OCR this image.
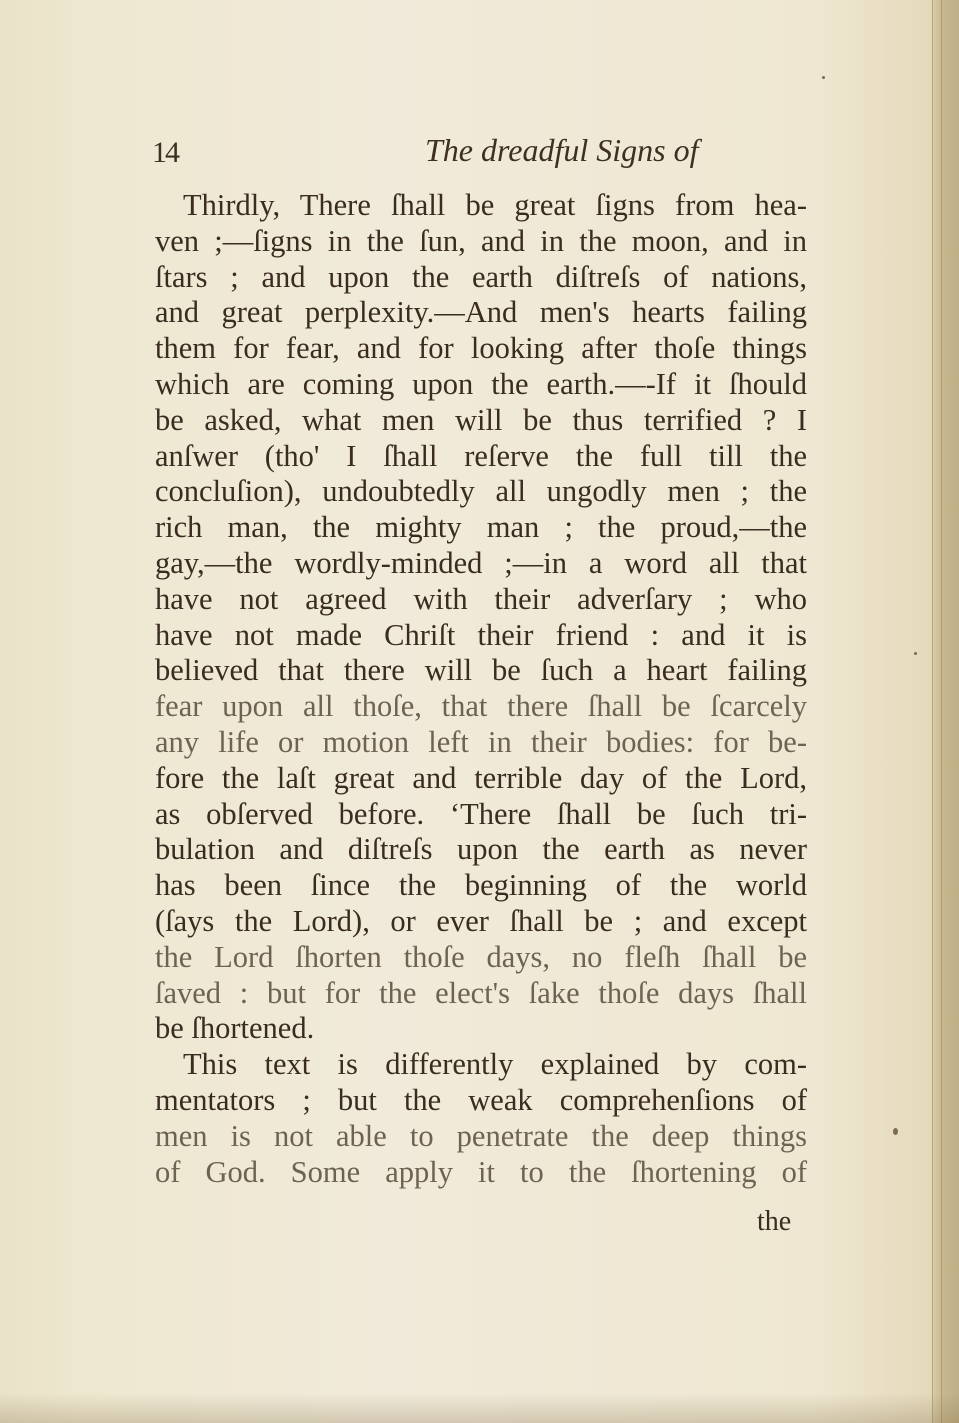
14	The dreadful Signs of
Thirdly, There ſhall be great ſigns from hea-
ven ;—ſigns in the ſun, and in the moon, and in
ſtars ; and upon the earth diſtreſs of nations,
and great perplexity.—And men's hearts failing
them for fear, and for looking after thoſe things
which are coming upon the earth.—-If it ſhould
be asked, what men will be thus terrified ? I
anſwer (tho' I ſhall reſerve the full till the
concluſion), undoubtedly all ungodly men ; the
rich man, the mighty man ; the proud,—the
gay,—the wordly-minded ;—in a word all that
have not agreed with their adverſary ; who
have not made Chriſt their friend : and it is
believed that there will be ſuch a heart failing
fear upon all thoſe, that there ſhall be ſcarcely
any life or motion left in their bodies: for be-
fore the laſt great and terrible day of the Lord,
as obſerved before. ‘There ſhall be ſuch tri-
bulation and diſtreſs upon the earth as never
has been ſince the beginning of the world
(ſays the Lord), or ever ſhall be ; and except
the Lord ſhorten thoſe days, no fleſh ſhall be
ſaved : but for the elect's ſake thoſe days ſhall
be ſhortened.
This text is differently explained by com-
mentators ; but the weak comprehenſions of
men is not able to penetrate the deep things
of God. Some apply it to the ſhortening of
the
